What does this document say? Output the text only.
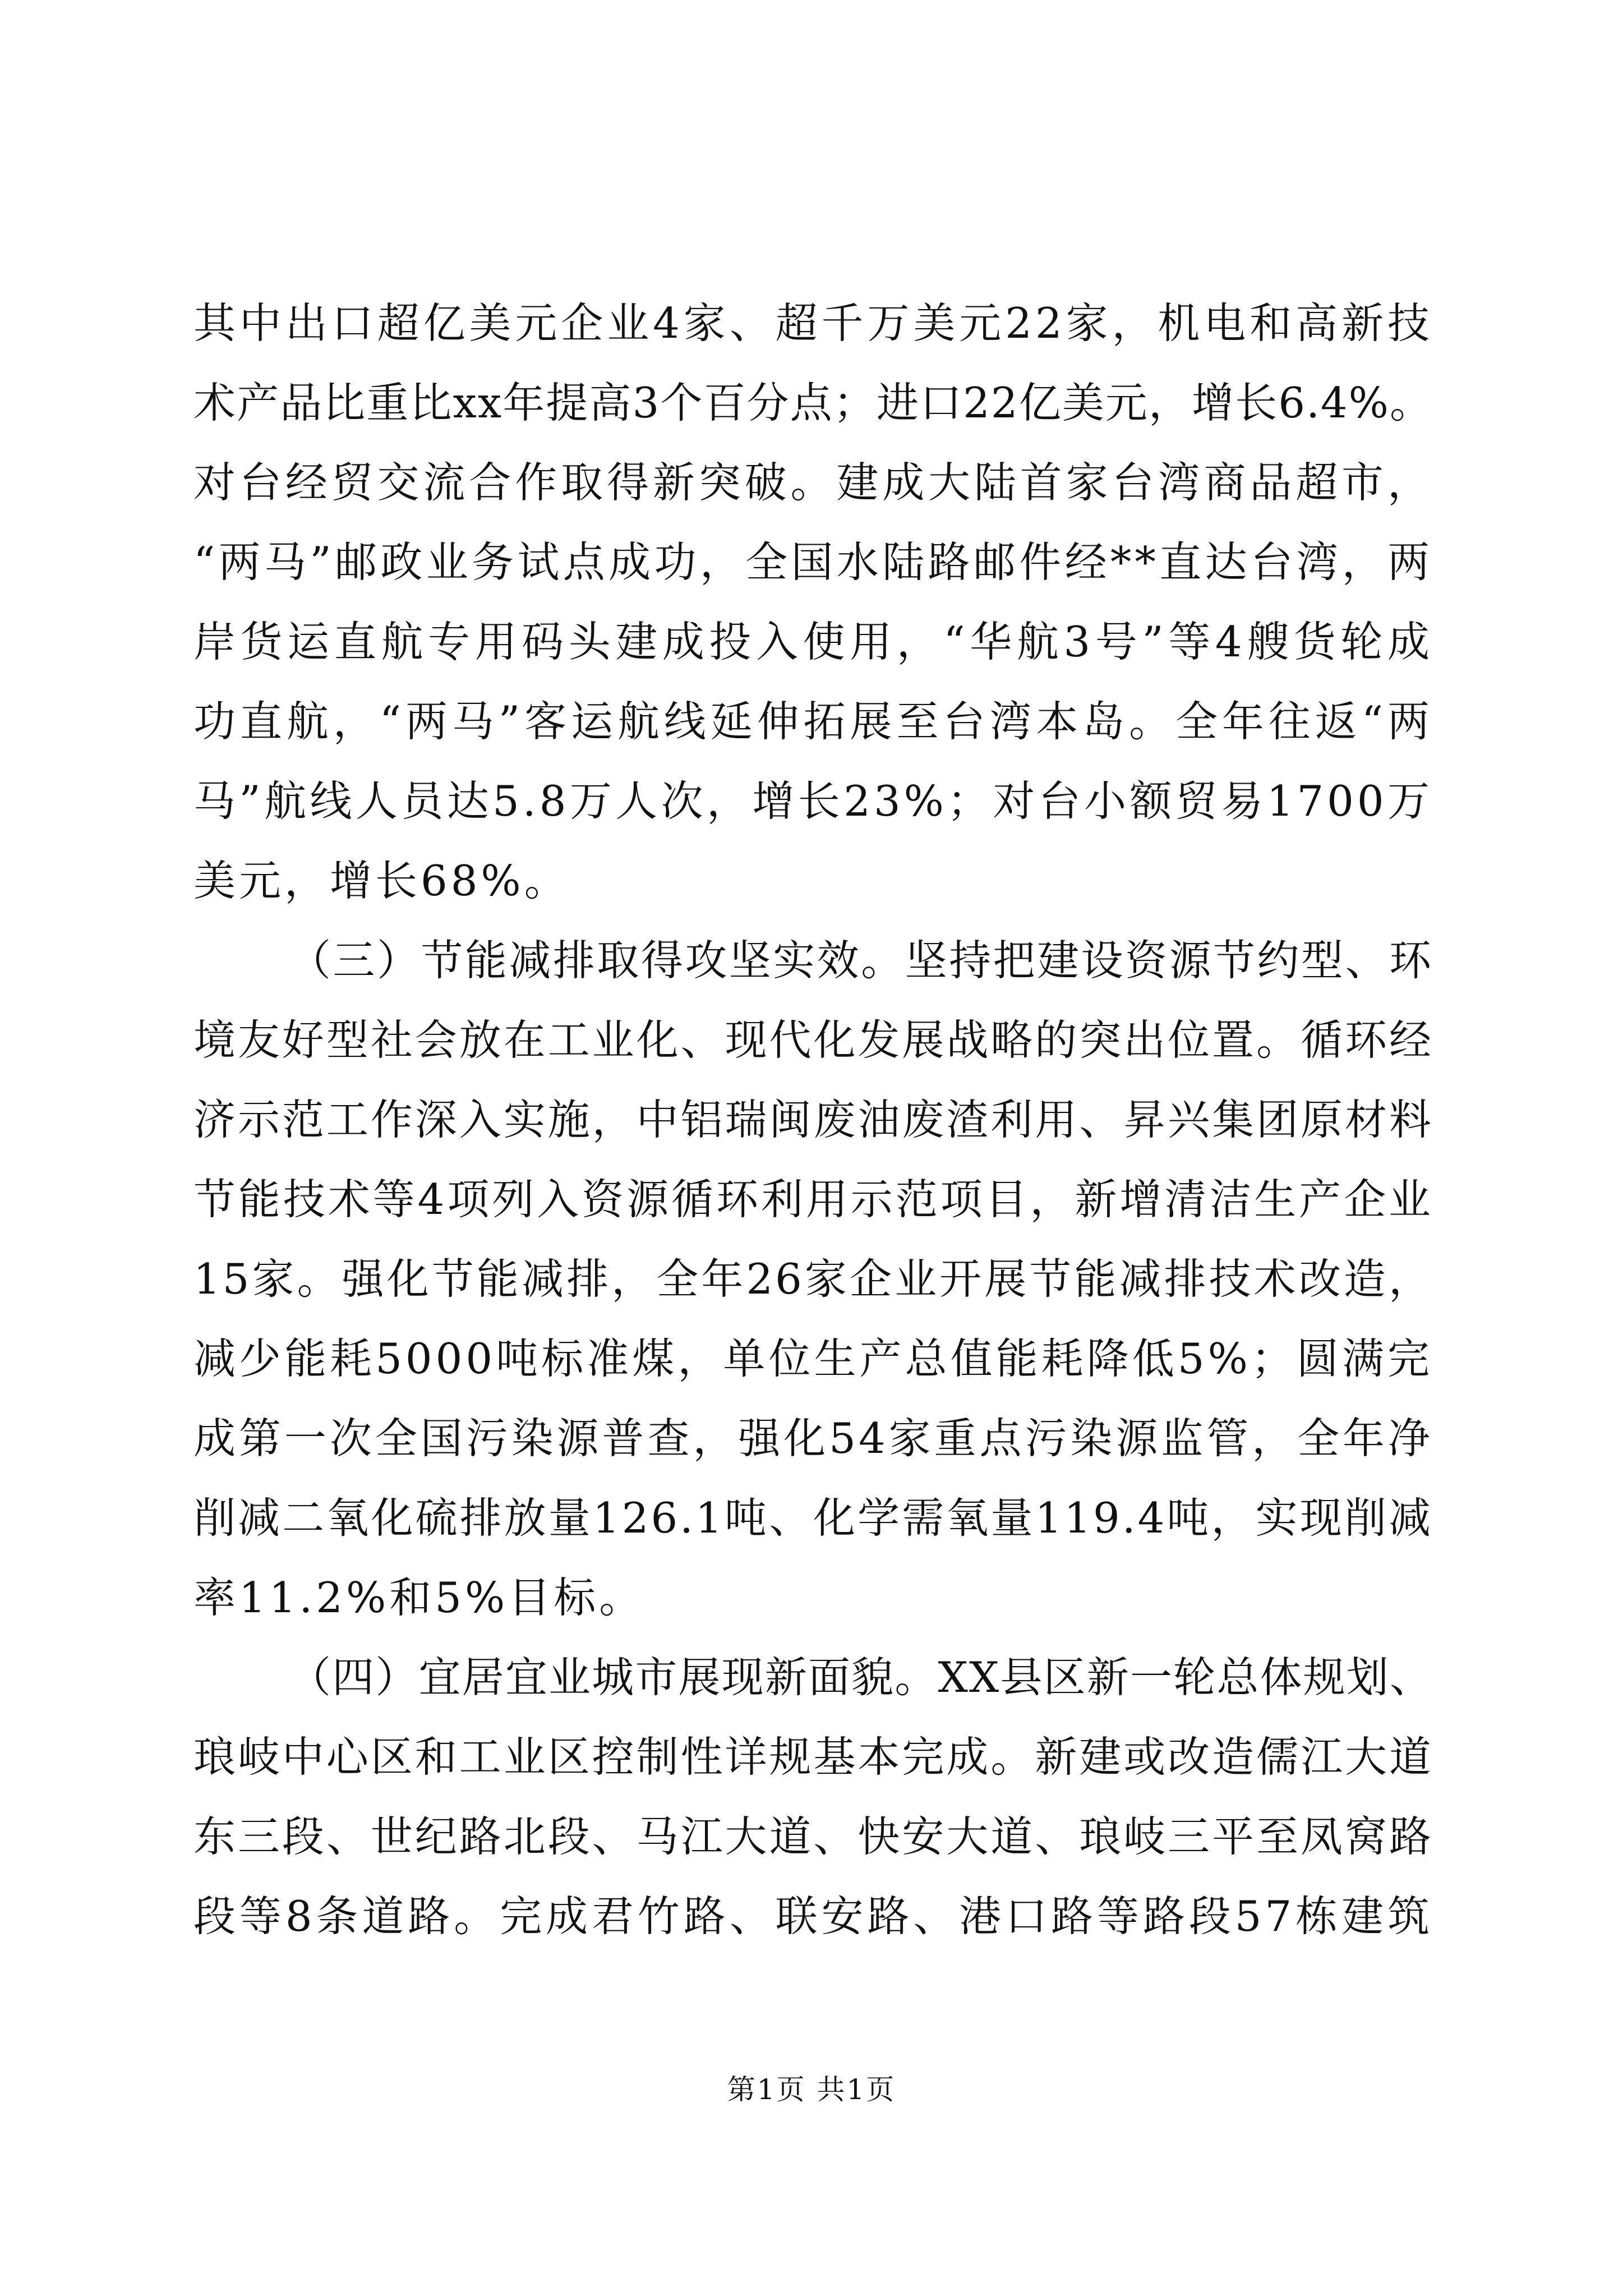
其中出口超亿美元企业4家、超千万美元22家，机电和高新技
术产品比重比xx年提高3个百分点；进口22亿美元，增长6.4%。
对台经贸交流合作取得新突破。建成大陆首家台湾商品超市，
“两马”邮政业务试点成功，全国水陆路邮件经**直达台湾，两
岸货运直航专用码头建成投入使用，“华航3号”等4艘货轮成
功直航，“两马”客运航线延伸拓展至台湾本岛。全年往返“两
马”航线人员达5.8万人次，增长23%；对台小额贸易1700万
美元，增长68%。
（三）节能减排取得攻坚实效。坚持把建设资源节约型、环
境友好型社会放在工业化、现代化发展战略的突出位置。循环经
济示范工作深入实施，中铝瑞闽废油废渣利用、昇兴集团原材料
节能技术等4项列入资源循环利用示范项目，新增清洁生产企业
15家。强化节能减排，全年26家企业开展节能减排技术改造，
减少能耗5000吨标准煤，单位生产总值能耗降低5%；圆满完
成第一次全国污染源普查，强化54家重点污染源监管，全年净
削减二氧化硫排放量126.1吨、化学需氧量119.4吨，实现削减
率11.2%和5%目标。
（四）宜居宜业城市展现新面貌。XX县区新一轮总体规划、
琅岐中心区和工业区控制性详规基本完成。新建或改造儒江大道
东三段、世纪路北段、马江大道、快安大道、琅岐三平至凤窝路
段等8条道路。完成君竹路、联安路、港口路等路段57栋建筑
第1页 共1页
